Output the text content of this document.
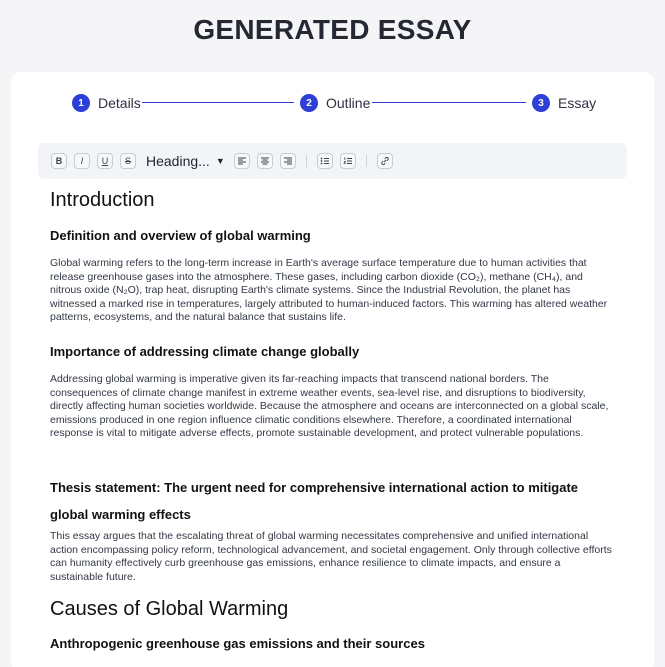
GENERATED ESSAY
1	Details	2	Outline	3	Essay
B	I	U	S	Heading... ▼
Introduction
Definition and overview of global warming
Global warming refers to the long-term increase in Earth's average surface temperature due to human activities that release greenhouse gases into the atmosphere. These gases, including carbon dioxide (CO₂), methane (CH₄), and nitrous oxide (N₂O), trap heat, disrupting Earth's climate systems. Since the Industrial Revolution, the planet has witnessed a marked rise in temperatures, largely attributed to human-induced factors. This warming has altered weather patterns, ecosystems, and the natural balance that sustains life.
Importance of addressing climate change globally
Addressing global warming is imperative given its far-reaching impacts that transcend national borders. The consequences of climate change manifest in extreme weather events, sea-level rise, and disruptions to biodiversity, directly affecting human societies worldwide. Because the atmosphere and oceans are interconnected on a global scale, emissions produced in one region influence climatic conditions elsewhere. Therefore, a coordinated international response is vital to mitigate adverse effects, promote sustainable development, and protect vulnerable populations.
Thesis statement: The urgent need for comprehensive international action to mitigate global warming effects
This essay argues that the escalating threat of global warming necessitates comprehensive and unified international action encompassing policy reform, technological advancement, and societal engagement. Only through collective efforts can humanity effectively curb greenhouse gas emissions, enhance resilience to climate impacts, and ensure a sustainable future.
Causes of Global Warming
Anthropogenic greenhouse gas emissions and their sources
